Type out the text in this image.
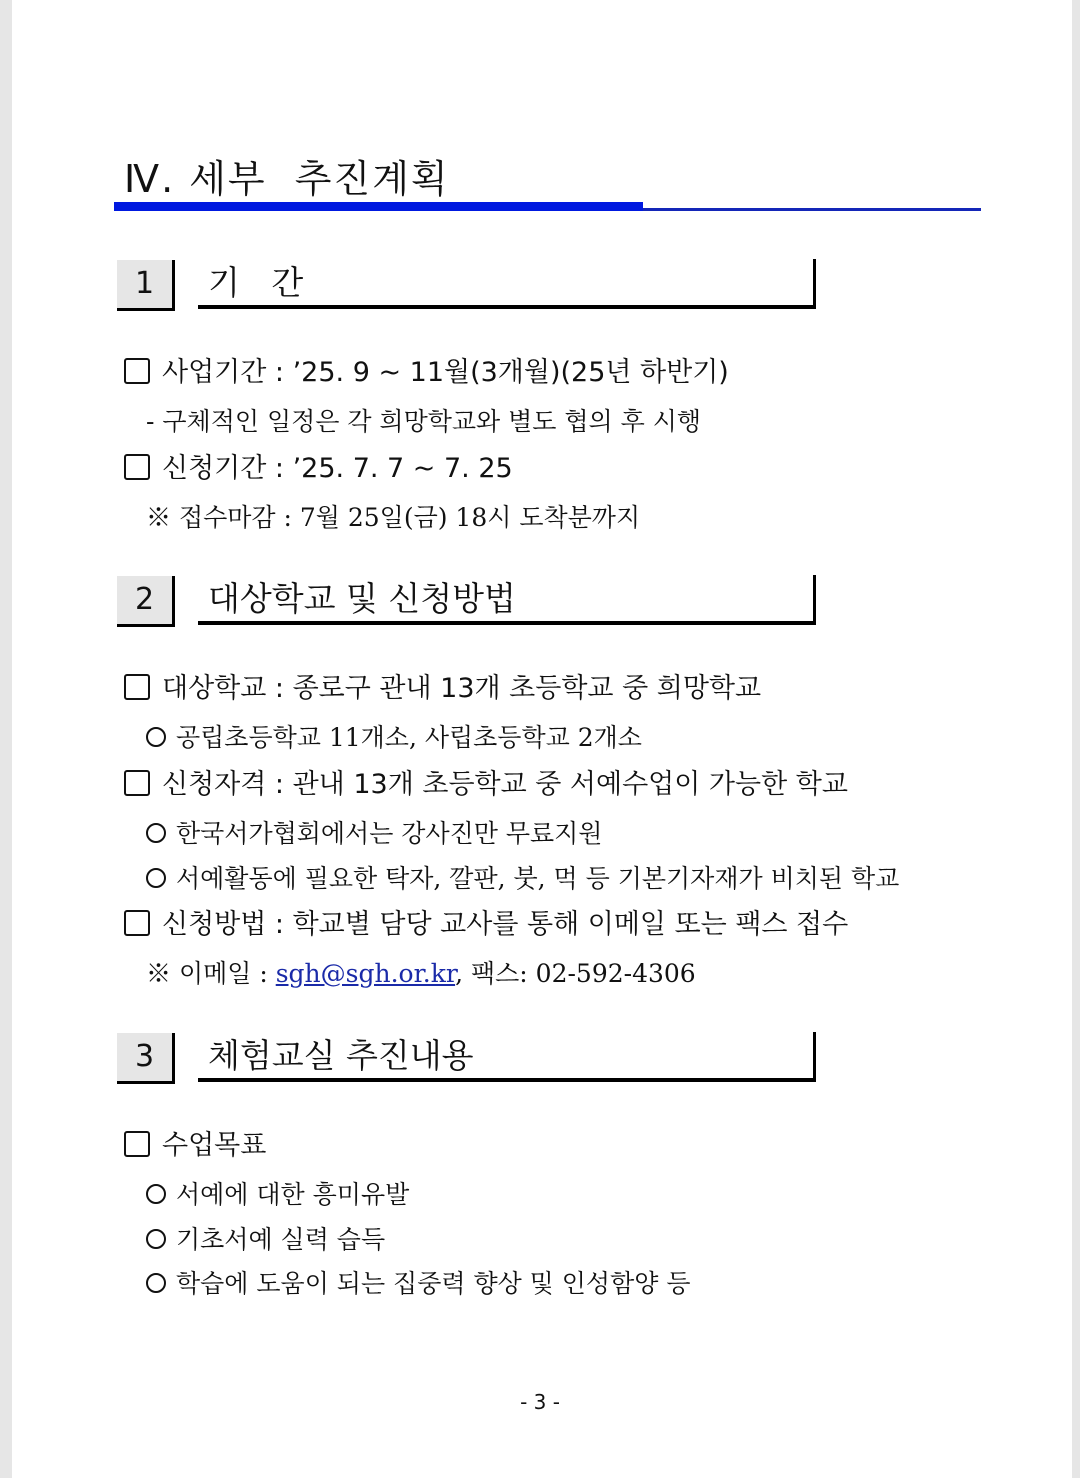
Ⅳ. 세부  추진계획
1	기   간
사업기간 : ’25. 9 ~ 11월(3개월)(25년 하반기)
- 구체적인 일정은 각 희망학교와 별도 협의 후 시행
신청기간 : ’25. 7. 7 ~ 7. 25
※ 접수마감 : 7월 25일(금) 18시 도착분까지
2	대상학교 및 신청방법
대상학교 : 종로구 관내 13개 초등학교 중 희망학교
공립초등학교 11개소, 사립초등학교 2개소
신청자격 : 관내 13개 초등학교 중 서예수업이 가능한 학교
한국서가협회에서는 강사진만 무료지원
서예활동에 필요한 탁자, 깔판, 붓, 먹 등 기본기자재가 비치된 학교
신청방법 : 학교별 담당 교사를 통해 이메일 또는 팩스 접수
※ 이메일 : sgh@sgh.or.kr, 팩스: 02-592-4306
3	체험교실 추진내용
수업목표
서예에 대한 흥미유발
기초서예 실력 습득
학습에 도움이 되는 집중력 향상 및 인성함양 등
- 3 -
